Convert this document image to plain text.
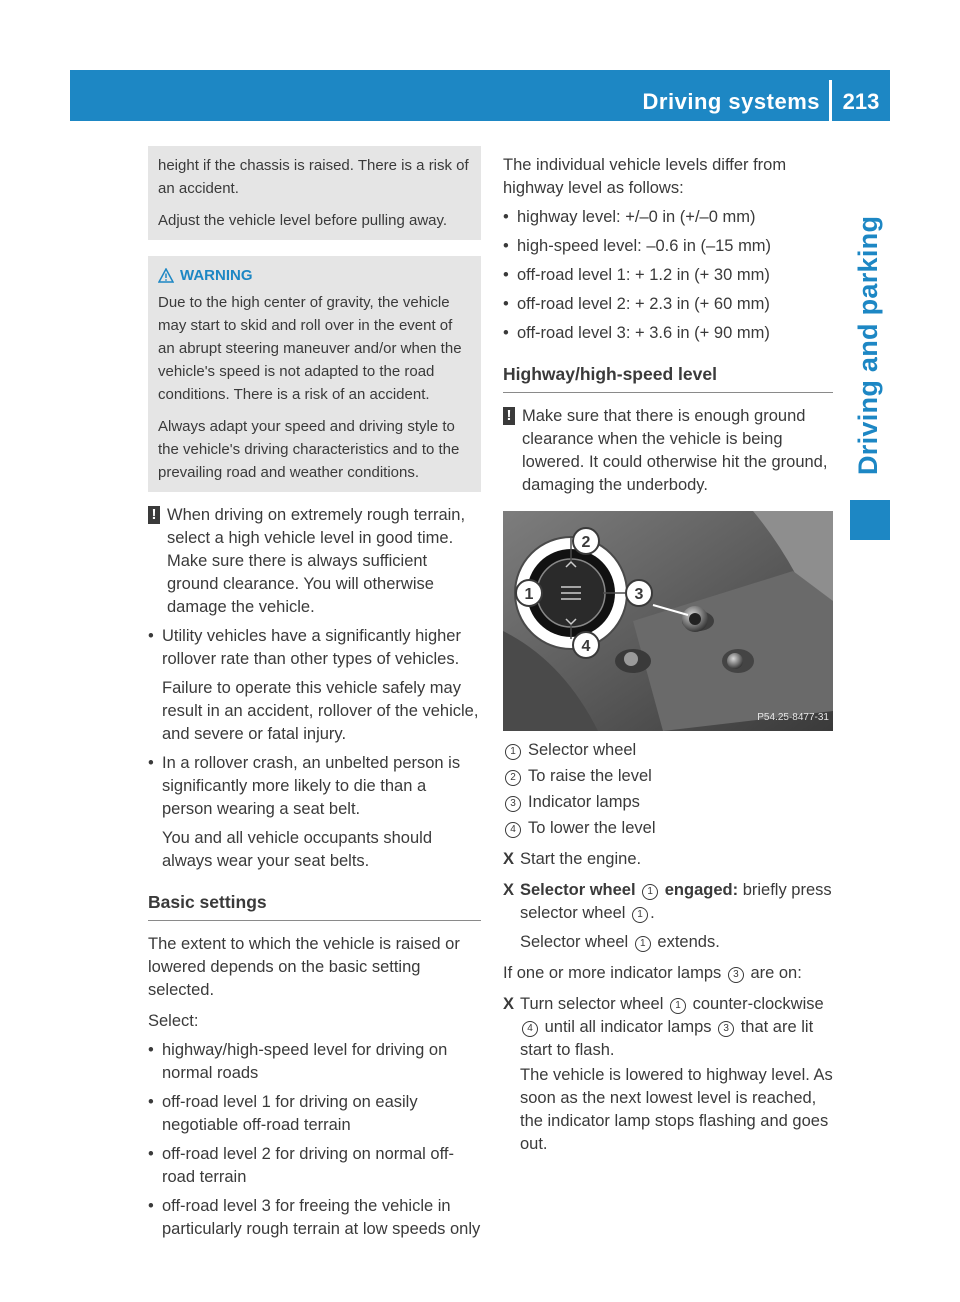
Driving systems	213
Driving and parking

height if the chassis is raised. There is a risk of an accident.

Adjust the vehicle level before pulling away.

WARNING

Due to the high center of gravity, the vehicle may start to skid and roll over in the event of an abrupt steering maneuver and/or when the vehicle's speed is not adapted to the road conditions. There is a risk of an accident.

Always adapt your speed and driving style to the vehicle's driving characteristics and to the prevailing road and weather conditions.

! When driving on extremely rough terrain, select a high vehicle level in good time. Make sure there is always sufficient ground clearance. You will otherwise damage the vehicle.
• Utility vehicles have a significantly higher rollover rate than other types of vehicles.
Failure to operate this vehicle safely may result in an accident, rollover of the vehicle, and severe or fatal injury.
• In a rollover crash, an unbelted person is significantly more likely to die than a person wearing a seat belt.
You and all vehicle occupants should always wear your seat belts.
Basic settings

The extent to which the vehicle is raised or lowered depends on the basic setting selected.

Select:

• highway/high-speed level for driving on normal roads
• off-road level 1 for driving on easily negotiable off-road terrain
• off-road level 2 for driving on normal off-road terrain
• off-road level 3 for freeing the vehicle in particularly rough terrain at low speeds only

The individual vehicle levels differ from highway level as follows:

• highway level: +/–0 in (+/–0 mm)
• high-speed level: –0.6 in (–15 mm)
• off-road level 1: + 1.2 in (+ 30 mm)
• off-road level 2: + 2.3 in (+ 60 mm)
• off-road level 3: + 3.6 in (+ 90 mm)
Highway/high-speed level
! Make sure that there is enough ground clearance when the vehicle is being lowered. It could otherwise hit the ground, damaging the underbody.
1
2
3
4
P54.25-8477-31
1 Selector wheel
2 To raise the level
3 Indicator lamps
4 To lower the level
X Start the engine.
X Selector wheel 1 engaged: briefly press selector wheel 1 .
Selector wheel 1 extends.

If one or more indicator lamps 3 are on:

X Turn selector wheel 1 counter-clockwise 4 until all indicator lamps 3 that are lit start to flash.
The vehicle is lowered to highway level. As soon as the next lowest level is reached, the indicator lamp stops flashing and goes out.
